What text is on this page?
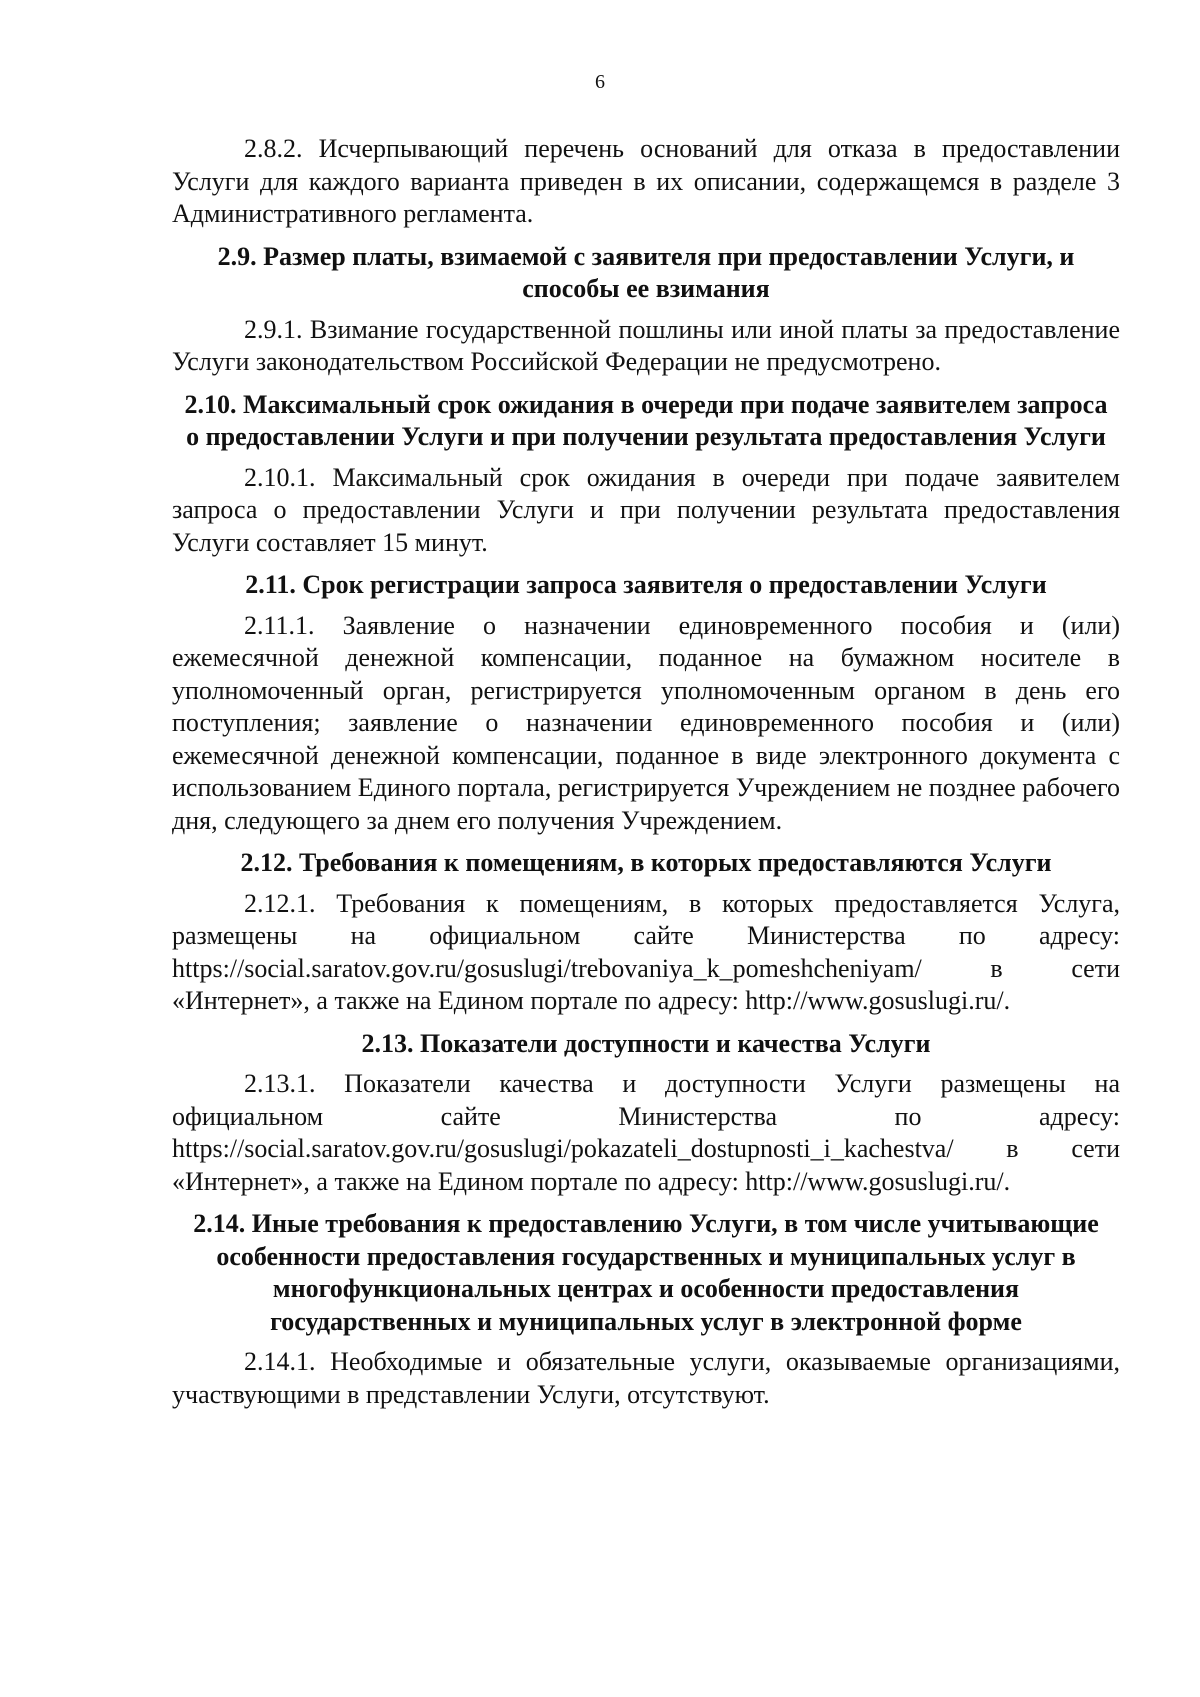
6

2.8.2. Исчерпывающий перечень оснований для отказа в предоставлении Услуги для каждого варианта приведен в их описании, содержащемся в разделе 3 Административного регламента.

2.9. Размер платы, взимаемой с заявителя при предоставлении Услуги, и способы ее взимания

2.9.1. Взимание государственной пошлины или иной платы за предоставление Услуги законодательством Российской Федерации не предусмотрено.

2.10. Максимальный срок ожидания в очереди при подаче заявителем запроса о предоставлении Услуги и при получении результата предоставления Услуги

2.10.1. Максимальный срок ожидания в очереди при подаче заявителем запроса о предоставлении Услуги и при получении результата предоставления Услуги составляет 15 минут.

2.11. Срок регистрации запроса заявителя о предоставлении Услуги

2.11.1. Заявление о назначении единовременного пособия и (или) ежемесячной денежной компенсации, поданное на бумажном носителе в уполномоченный орган, регистрируется уполномоченным органом в день его поступления; заявление о назначении единовременного пособия и (или) ежемесячной денежной компенсации, поданное в виде электронного документа с использованием Единого портала, регистрируется Учреждением не позднее рабочего дня, следующего за днем его получения Учреждением.

2.12. Требования к помещениям, в которых предоставляются Услуги

2.12.1. Требования к помещениям, в которых предоставляется Услуга, размещены на официальном сайте Министерства по адресу: https://social.saratov.gov.ru/gosuslugi/trebovaniya_k_pomeshcheniyam/ в сети «Интернет», а также на Едином портале по адресу: http://www.gosuslugi.ru/.

2.13. Показатели доступности и качества Услуги

2.13.1. Показатели качества и доступности Услуги размещены на официальном сайте Министерства по адресу: https://social.saratov.gov.ru/gosuslugi/pokazateli_dostupnosti_i_kachestva/ в сети «Интернет», а также на Едином портале по адресу: http://www.gosuslugi.ru/.

2.14. Иные требования к предоставлению Услуги, в том числе учитывающие особенности предоставления государственных и муниципальных услуг в многофункциональных центрах и особенности предоставления государственных и муниципальных услуг в электронной форме

2.14.1. Необходимые и обязательные услуги, оказываемые организациями, участвующими в представлении Услуги, отсутствуют.
